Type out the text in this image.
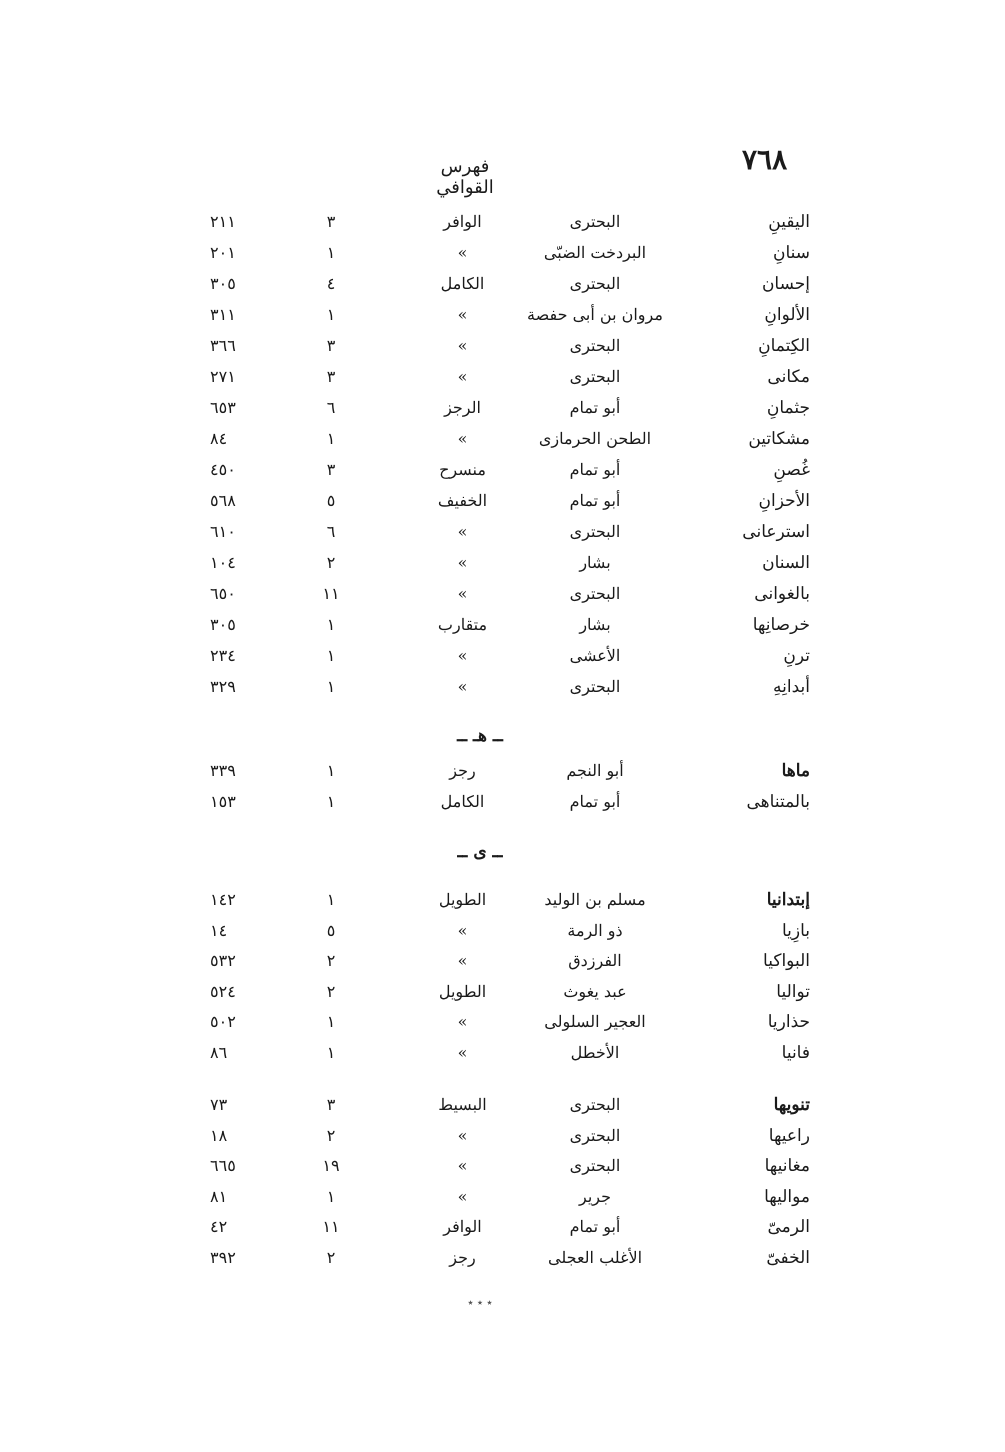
٧٦٨
فهرس القوافي
اليقينِ
البحترى
الوافر
٣
٢١١
سنانِ
البردخت الضبّى
»
١
٢٠١
إحسان
البحترى
الكامل
٤
٣٠٥
الألوانِ
مروان بن أبى حفصة
»
١
٣١١
الكِتمانِ
البحترى
»
٣
٣٦٦
مكانى
البحترى
»
٣
٢٧١
جثمانِ
أبو تمام
الرجز
٦
٦٥٣
مشكاتين
الطحن الحرمازى
»
١
٨٤
غُصنِ
أبو تمام
منسرح
٣
٤٥٠
الأحزانِ
أبو تمام
الخفيف
٥
٥٦٨
استرعانى
البحترى
»
٦
٦١٠
السنان
بشار
»
٢
١٠٤
بالغوانى
البحترى
»
١١
٦٥٠
خرصانِها
بشار
متقارب
١
٣٠٥
ترنِ
الأعشى
»
١
٢٣٤
أبدانِهِ
البحترى
»
١
٣٢٩
ماها
أبو النجم
رجز
١
٣٣٩
بالمتناهى
أبو تمام
الكامل
١
١٥٣
إبتدانيا
مسلم بن الوليد
الطويل
١
١٤٢
بازِيا
ذو الرمة
»
٥
١٤
البواكيا
الفرزدق
»
٢
٥٣٢
تواليا
عبد يغوث
الطويل
٢
٥٢٤
حذاريا
العجير السلولى
»
١
٥٠٢
فانيا
الأخطل
»
١
٨٦
تنويها
البحترى
البسيط
٣
٧٣
راعيها
البحترى
»
٢
١٨
مغانيها
البحترى
»
١٩
٦٦٥
مواليها
جرير
»
١
٨١
الرمىّ
أبو تمام
الوافر
١١
٤٢
الخفىّ
الأغلب العجلى
رجز
٢
٣٩٢
ــ هـ ــ
ــ ى ــ
٭ ٭ ٭
